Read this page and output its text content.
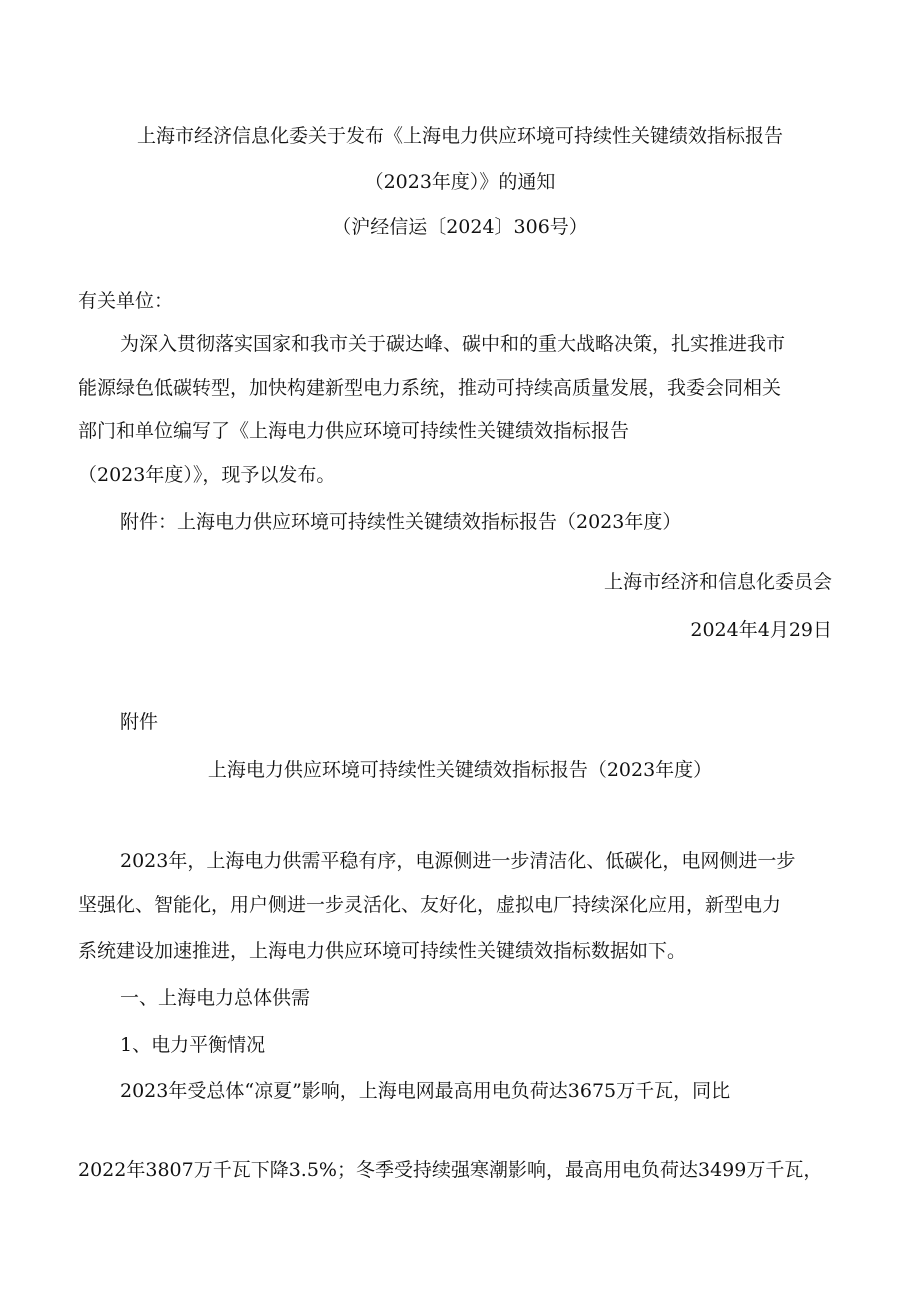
上海市经济信息化委关于发布《上海电力供应环境可持续性关键绩效指标报告
（2023年度）》的通知
（沪经信运〔2024〕306号）
有关单位：
为深入贯彻落实国家和我市关于碳达峰、碳中和的重大战略决策，扎实推进我市
能源绿色低碳转型，加快构建新型电力系统，推动可持续高质量发展，我委会同相关
部门和单位编写了《上海电力供应环境可持续性关键绩效指标报告
（2023年度）》，现予以发布。
附件：上海电力供应环境可持续性关键绩效指标报告（2023年度）
上海市经济和信息化委员会
2024年4月29日
附件
上海电力供应环境可持续性关键绩效指标报告（2023年度）
2023年，上海电力供需平稳有序，电源侧进一步清洁化、低碳化，电网侧进一步
坚强化、智能化，用户侧进一步灵活化、友好化，虚拟电厂持续深化应用，新型电力
系统建设加速推进，上海电力供应环境可持续性关键绩效指标数据如下。
一、上海电力总体供需
1、电力平衡情况
2023年受总体“凉夏”影响，上海电网最高用电负荷达3675万千瓦，同比
2022年3807万千瓦下降3.5%；冬季受持续强寒潮影响，最高用电负荷达3499万千瓦，
